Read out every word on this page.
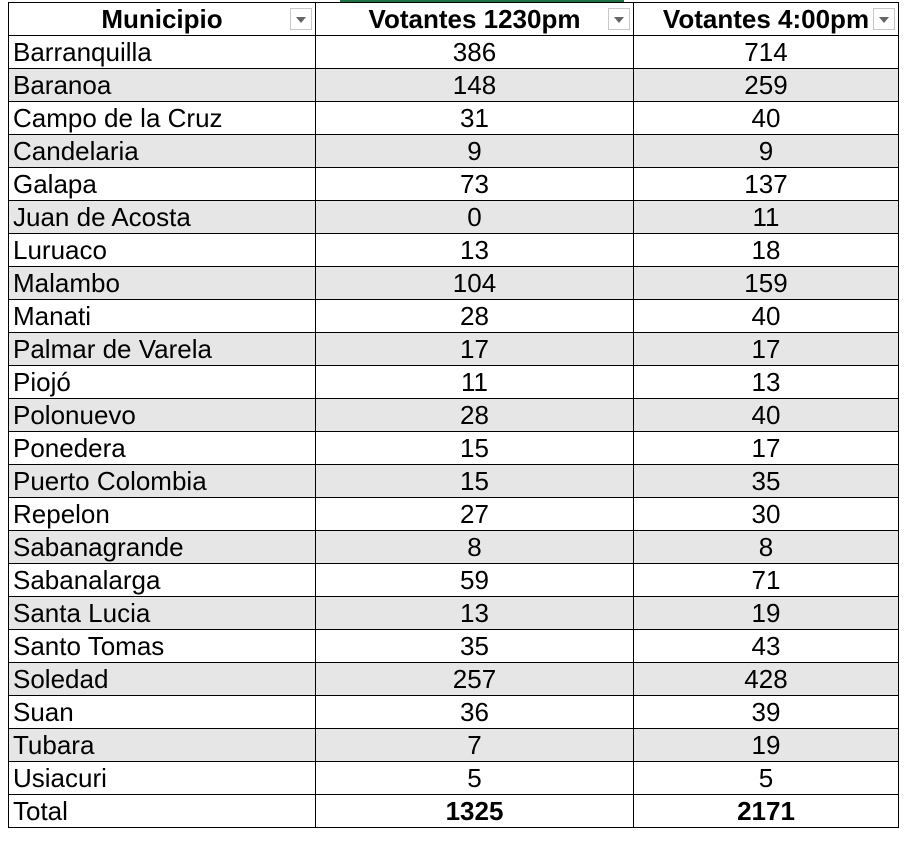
Municipio	Votantes 1230pm	Votantes 4:00pm

Barranquilla	386	714
Baranoa	148	259
Campo de la Cruz	31	40
Candelaria	9	9
Galapa	73	137
Juan de Acosta	0	11
Luruaco	13	18
Malambo	104	159
Manati	28	40
Palmar de Varela	17	17
Piojó	11	13
Polonuevo	28	40
Ponedera	15	17
Puerto Colombia	15	35
Repelon	27	30
Sabanagrande	8	8
Sabanalarga	59	71
Santa Lucia	13	19
Santo Tomas	35	43
Soledad	257	428
Suan	36	39
Tubara	7	19
Usiacuri	5	5
Total	1325	2171
